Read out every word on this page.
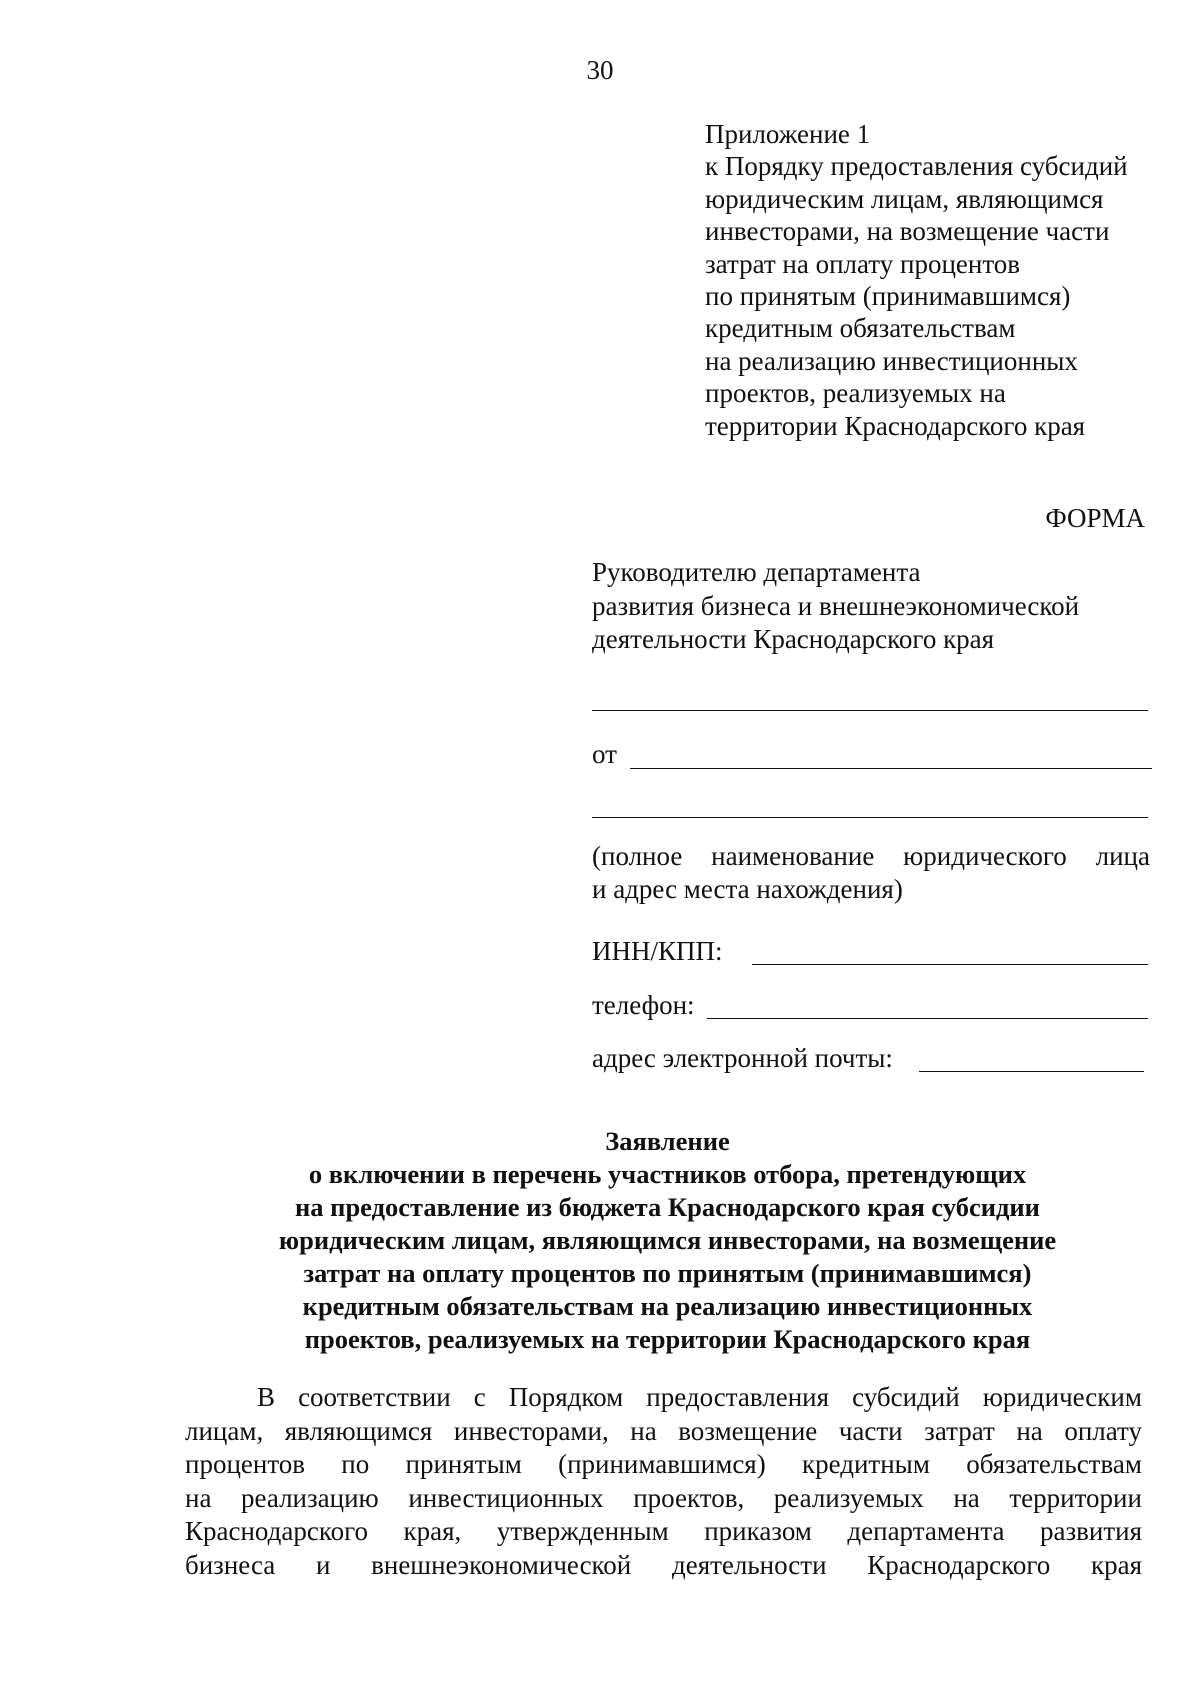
30
Приложение 1
к Порядку предоставления субсидий
юридическим лицам, являющимся
инвесторами, на возмещение части
затрат на оплату процентов
по принятым (принимавшимся)
кредитным обязательствам
на реализацию инвестиционных
проектов, реализуемых на
территории Краснодарского края
ФОРМА
Руководителю департамента
развития бизнеса и внешнеэкономической
деятельности Краснодарского края
от
(полное наименование юридического лица
и адрес места нахождения)
ИНН/КПП:
телефон:
адрес электронной почты:
Заявление
о включении в перечень участников отбора, претендующих
на предоставление из бюджета Краснодарского края субсидии
юридическим лицам, являющимся инвесторами, на возмещение
затрат на оплату процентов по принятым (принимавшимся)
кредитным обязательствам на реализацию инвестиционных
проектов, реализуемых на территории Краснодарского края
В соответствии с Порядком предоставления субсидий юридическим
лицам, являющимся инвесторами, на возмещение части затрат на оплату
процентов по принятым (принимавшимся) кредитным обязательствам
на реализацию инвестиционных проектов, реализуемых на территории
Краснодарского края, утвержденным приказом департамента развития
бизнеса и внешнеэкономической деятельности Краснодарского края
